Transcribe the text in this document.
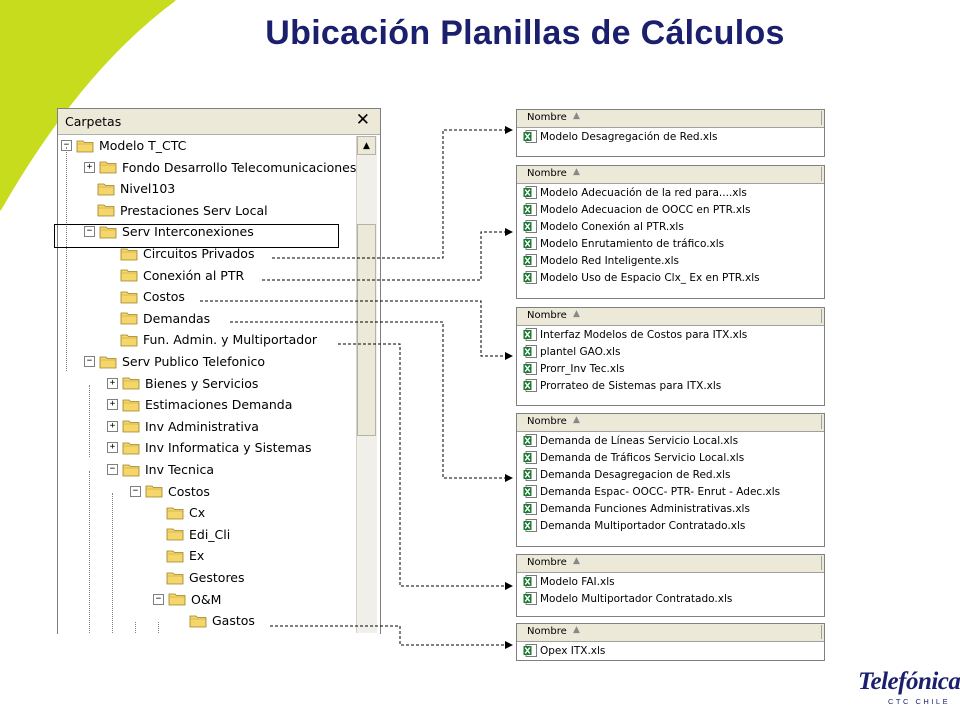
Ubicación Planillas de Cálculos
Carpetas	✕
− Modelo T_CTC
+ Fondo Desarrollo Telecomunicaciones
Nivel103
Prestaciones Serv Local
− Serv Interconexiones
Circuitos Privados
Conexión al PTR
Costos
Demandas
Fun. Admin. y Multiportador
− Serv Publico Telefonico
+ Bienes y Servicios
+ Estimaciones Demanda
+ Inv Administrativa
+ Inv Informatica y Sistemas
− Inv Tecnica
− Costos
Cx
Edi_Cli
Ex
Gestores
− O&M
Gastos
▲
Nombre ▲
Modelo Desagregación de Red.xls
Nombre ▲
Modelo Adecuación de la red para....xls
Modelo Adecuacion de OOCC en PTR.xls
Modelo Conexión al PTR.xls
Modelo Enrutamiento de tráfico.xls
Modelo Red Inteligente.xls
Modelo Uso de Espacio Clx_ Ex en PTR.xls
Nombre ▲
Interfaz Modelos de Costos para ITX.xls
plantel GAO.xls
Prorr_Inv Tec.xls
Prorrateo de Sistemas para ITX.xls
Nombre ▲
Demanda de Líneas Servicio Local.xls
Demanda de Tráficos Servicio Local.xls
Demanda Desagregacion de Red.xls
Demanda Espac- OOCC- PTR- Enrut - Adec.xls
Demanda Funciones Administrativas.xls
Demanda Multiportador Contratado.xls
Nombre ▲
Modelo FAI.xls
Modelo Multiportador Contratado.xls
Nombre ▲
Opex ITX.xls
Telefónica
CTC CHILE
